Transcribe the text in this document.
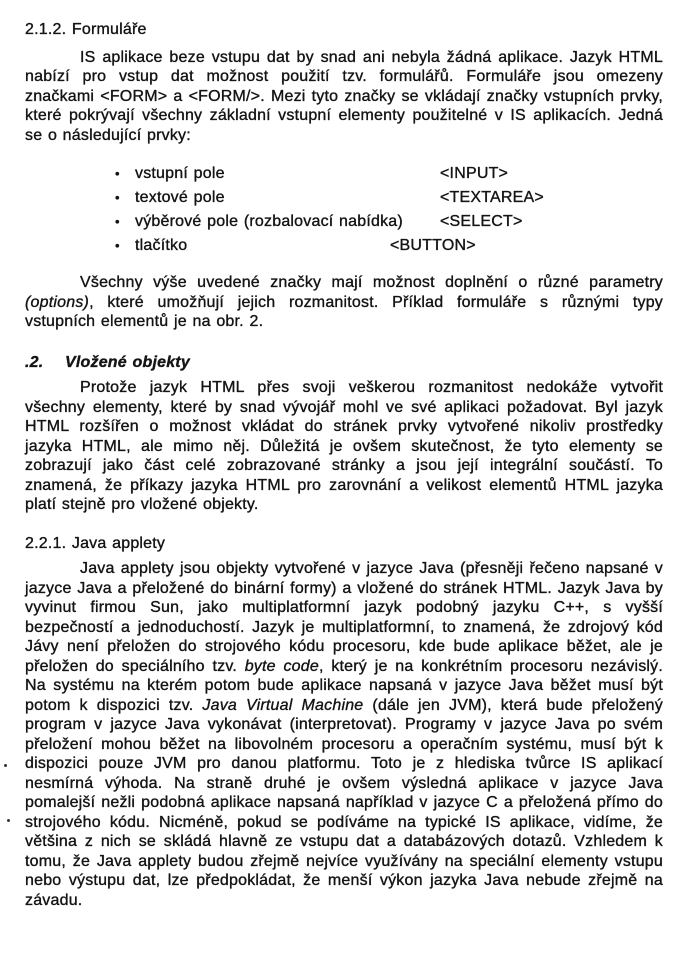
2.1.2. Formuláře

IS aplikace beze vstupu dat by snad ani nebyla žádná aplikace. Jazyk HTML nabízí pro vstup dat možnost použití tzv. formulářů. Formuláře jsou omezeny značkami <FORM> a <FORM/>. Mezi tyto značky se vkládají značky vstupních prvky, které pokrývají všechny základní vstupní elementy použitelné v IS aplikacích. Jedná se o následující prvky:

• vstupní pole	<INPUT>
• textové pole	<TEXTAREA>
• výběrové pole (rozbalovací nabídka) <SELECT>
• tlačítko	<BUTTON>

Všechny výše uvedené značky mají možnost doplnění o různé parametry (options), které umožňují jejich rozmanitost. Příklad formuláře s různými typy vstupních elementů je na obr. 2.

.2.	Vložené objekty

Protože jazyk HTML přes svoji veškerou rozmanitost nedokáže vytvořit všechny elementy, které by snad vývojář mohl ve své aplikaci požadovat. Byl jazyk HTML rozšířen o možnost vkládat do stránek prvky vytvořené nikoliv prostředky jazyka HTML, ale mimo něj. Důležitá je ovšem skutečnost, že tyto elementy se zobrazují jako část celé zobrazované stránky a jsou její integrální součástí. To znamená, že příkazy jazyka HTML pro zarovnání a velikost elementů HTML jazyka platí stejně pro vložené objekty.

2.2.1. Java applety

Java applety jsou objekty vytvořené v jazyce Java (přesněji řečeno napsané v jazyce Java a přeložené do binární formy) a vložené do stránek HTML. Jazyk Java by vyvinut firmou Sun, jako multiplatformní jazyk podobný jazyku C++, s vyšší bezpečností a jednoduchostí. Jazyk je multiplatformní, to znamená, že zdrojový kód Jávy není přeložen do strojového kódu procesoru, kde bude aplikace běžet, ale je přeložen do speciálního tzv. byte code, který je na konkrétním procesoru nezávislý. Na systému na kterém potom bude aplikace napsaná v jazyce Java běžet musí být potom k dispozici tzv. Java Virtual Machine (dále jen JVM), která bude přeložený program v jazyce Java vykonávat (interpretovat). Programy v jazyce Java po svém přeložení mohou běžet na libovolném procesoru a operačním systému, musí být k dispozici pouze JVM pro danou platformu. Toto je z hlediska tvůrce IS aplikací nesmírná výhoda. Na straně druhé je ovšem výsledná aplikace v jazyce Java pomalejší nežli podobná aplikace napsaná například v jazyce C a přeložená přímo do strojového kódu. Nicméně, pokud se podíváme na typické IS aplikace, vidíme, že většina z nich se skládá hlavně ze vstupu dat a databázových dotazů. Vzhledem k tomu, že Java applety budou zřejmě nejvíce využívány na speciální elementy vstupu nebo výstupu dat, lze předpokládat, že menší výkon jazyka Java nebude zřejmě na závadu.
